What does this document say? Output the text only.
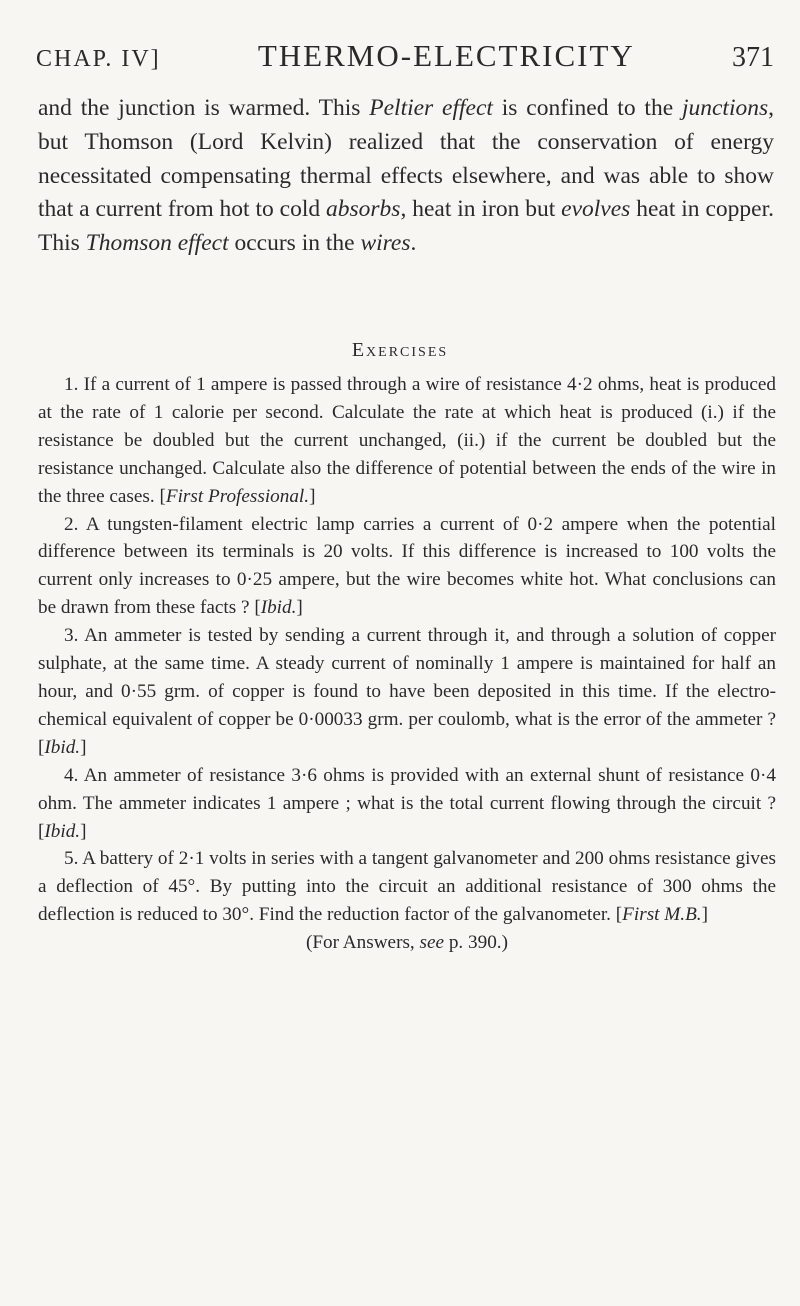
CHAP. IV]	THERMO-ELECTRICITY	371
and the junction is warmed. This Peltier effect is confined to the junctions, but Thomson (Lord Kelvin) realized that the conservation of energy necessitated compensating thermal effects elsewhere, and was able to show that a current from hot to cold absorbs, heat in iron but evolves heat in copper. This Thomson effect occurs in the wires.
Exercises

1. If a current of 1 ampere is passed through a wire of resistance 4·2 ohms, heat is produced at the rate of 1 calorie per second. Calculate the rate at which heat is produced (i.) if the resistance be doubled but the current unchanged, (ii.) if the current be doubled but the resistance unchanged. Calculate also the difference of potential between the ends of the wire in the three cases. [First Professional.]

2. A tungsten-filament electric lamp carries a current of 0·2 ampere when the potential difference between its terminals is 20 volts. If this difference is increased to 100 volts the current only increases to 0·25 ampere, but the wire becomes white hot. What conclusions can be drawn from these facts ? [Ibid.]

3. An ammeter is tested by sending a current through it, and through a solution of copper sulphate, at the same time. A steady current of nominally 1 ampere is maintained for half an hour, and 0·55 grm. of copper is found to have been deposited in this time. If the electro-chemical equivalent of copper be 0·00033 grm. per coulomb, what is the error of the ammeter ? [Ibid.]

4. An ammeter of resistance 3·6 ohms is provided with an external shunt of resistance 0·4 ohm. The ammeter indicates 1 ampere ; what is the total current flowing through the circuit ? [Ibid.]

5. A battery of 2·1 volts in series with a tangent galvanometer and 200 ohms resistance gives a deflection of 45°. By putting into the circuit an additional resistance of 300 ohms the deflection is reduced to 30°. Find the reduction factor of the galvanometer. [First M.B.]

(For Answers, see p. 390.)
